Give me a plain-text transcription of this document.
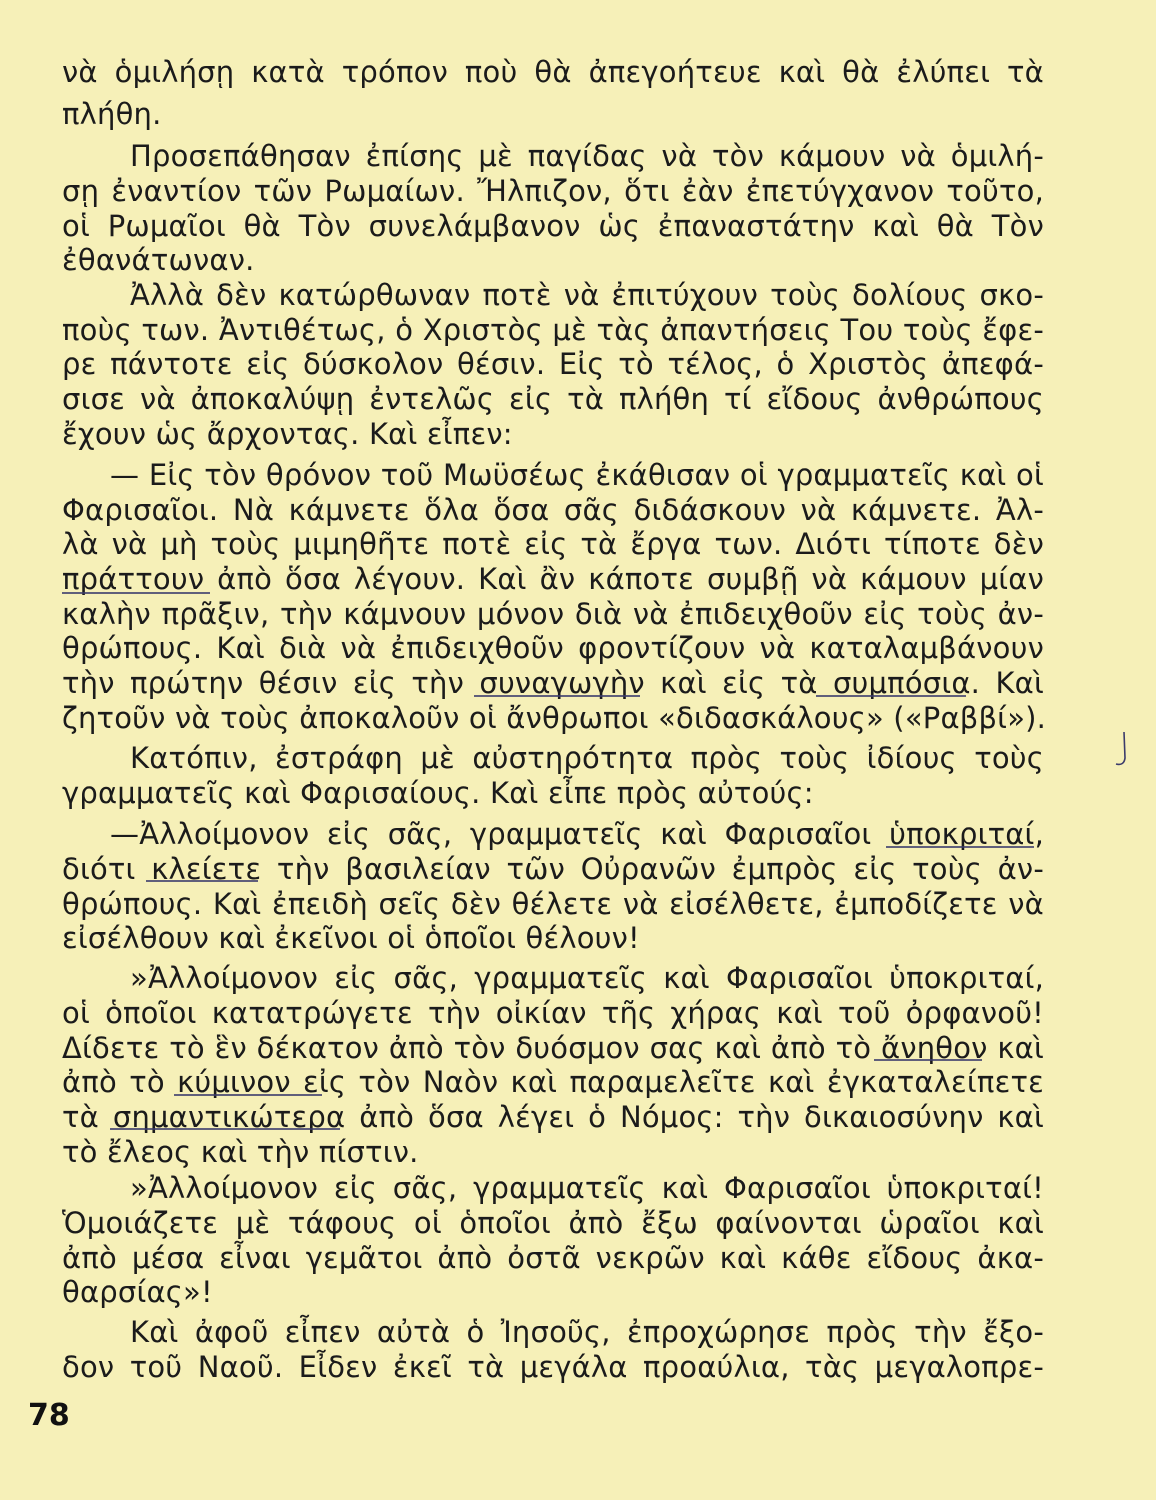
νὰ ὁμιλήσῃ κατὰ τρόπον ποὺ θὰ ἀπεγοήτευε καὶ θὰ ἐλύπει τὰ
πλήθη.
Προσεπάθησαν ἐπίσης μὲ παγίδας νὰ τὸν κάμουν νὰ ὁμιλή-
σῃ ἐναντίον τῶν Ρωμαίων. Ἤλπιζον, ὅτι ἐὰν ἐπετύγχανον τοῦτο,
οἱ Ρωμαῖοι θὰ Τὸν συνελάμβανον ὡς ἐπαναστάτην καὶ θὰ Τὸν
ἐθανάτωναν.
Ἀλλὰ δὲν κατώρθωναν ποτὲ νὰ ἐπιτύχουν τοὺς δολίους σκο-
ποὺς των. Ἀντιθέτως, ὁ Χριστὸς μὲ τὰς ἀπαντήσεις Του τοὺς ἔφε-
ρε πάντοτε εἰς δύσκολον θέσιν. Εἰς τὸ τέλος, ὁ Χριστὸς ἀπεφά-
σισε νὰ ἀποκαλύψῃ ἐντελῶς εἰς τὰ πλήθη τί εἴδους ἀνθρώπους
ἔχουν ὡς ἄρχοντας. Καὶ εἶπεν:
— Εἰς τὸν θρόνον τοῦ Μωϋσέως ἐκάθισαν οἱ γραμματεῖς καὶ οἱ
Φαρισαῖοι. Νὰ κάμνετε ὅλα ὅσα σᾶς διδάσκουν νὰ κάμνετε. Ἀλ-
λὰ νὰ μὴ τοὺς μιμηθῆτε ποτὲ εἰς τὰ ἔργα των. Διότι τίποτε δὲν
πράττουν ἀπὸ ὅσα λέγουν. Καὶ ἂν κάποτε συμβῇ νὰ κάμουν μίαν
καλὴν πρᾶξιν, τὴν κάμνουν μόνον διὰ νὰ ἐπιδειχθοῦν εἰς τοὺς ἀν-
θρώπους. Καὶ διὰ νὰ ἐπιδειχθοῦν φροντίζουν νὰ καταλαμβάνουν
τὴν πρώτην θέσιν εἰς τὴν συναγωγὴν καὶ εἰς τὰ συμπόσια. Καὶ
ζητοῦν νὰ τοὺς ἀποκαλοῦν οἱ ἄνθρωποι «διδασκάλους» («Ραββί»).
Κατόπιν, ἐστράφη μὲ αὐστηρότητα πρὸς τοὺς ἰδίους τοὺς
γραμματεῖς καὶ Φαρισαίους. Καὶ εἶπε πρὸς αὐτούς:
—Ἀλλοίμονον εἰς σᾶς, γραμματεῖς καὶ Φαρισαῖοι ὑποκριταί,
διότι κλείετε τὴν βασιλείαν τῶν Οὐρανῶν ἐμπρὸς εἰς τοὺς ἀν-
θρώπους. Καὶ ἐπειδὴ σεῖς δὲν θέλετε νὰ εἰσέλθετε, ἐμποδίζετε νὰ
εἰσέλθουν καὶ ἐκεῖνοι οἱ ὁποῖοι θέλουν!
»Ἀλλοίμονον εἰς σᾶς, γραμματεῖς καὶ Φαρισαῖοι ὑποκριταί,
οἱ ὁποῖοι κατατρώγετε τὴν οἰκίαν τῆς χήρας καὶ τοῦ ὀρφανοῦ!
Δίδετε τὸ ἓν δέκατον ἀπὸ τὸν δυόσμον σας καὶ ἀπὸ τὸ ἄνηθον καὶ
ἀπὸ τὸ κύμινον εἰς τὸν Ναὸν καὶ παραμελεῖτε καὶ ἐγκαταλείπετε
τὰ σημαντικώτερα ἀπὸ ὅσα λέγει ὁ Νόμος: τὴν δικαιοσύνην καὶ
τὸ ἔλεος καὶ τὴν πίστιν.
»Ἀλλοίμονον εἰς σᾶς, γραμματεῖς καὶ Φαρισαῖοι ὑποκριταί!
Ὁμοιάζετε μὲ τάφους οἱ ὁποῖοι ἀπὸ ἔξω φαίνονται ὡραῖοι καὶ
ἀπὸ μέσα εἶναι γεμᾶτοι ἀπὸ ὀστᾶ νεκρῶν καὶ κάθε εἴδους ἀκα-
θαρσίας»!
Καὶ ἀφοῦ εἶπεν αὐτὰ ὁ Ἰησοῦς, ἐπροχώρησε πρὸς τὴν ἔξο-
δον τοῦ Ναοῦ. Εἶδεν ἐκεῖ τὰ μεγάλα προαύλια, τὰς μεγαλοπρε-
78
